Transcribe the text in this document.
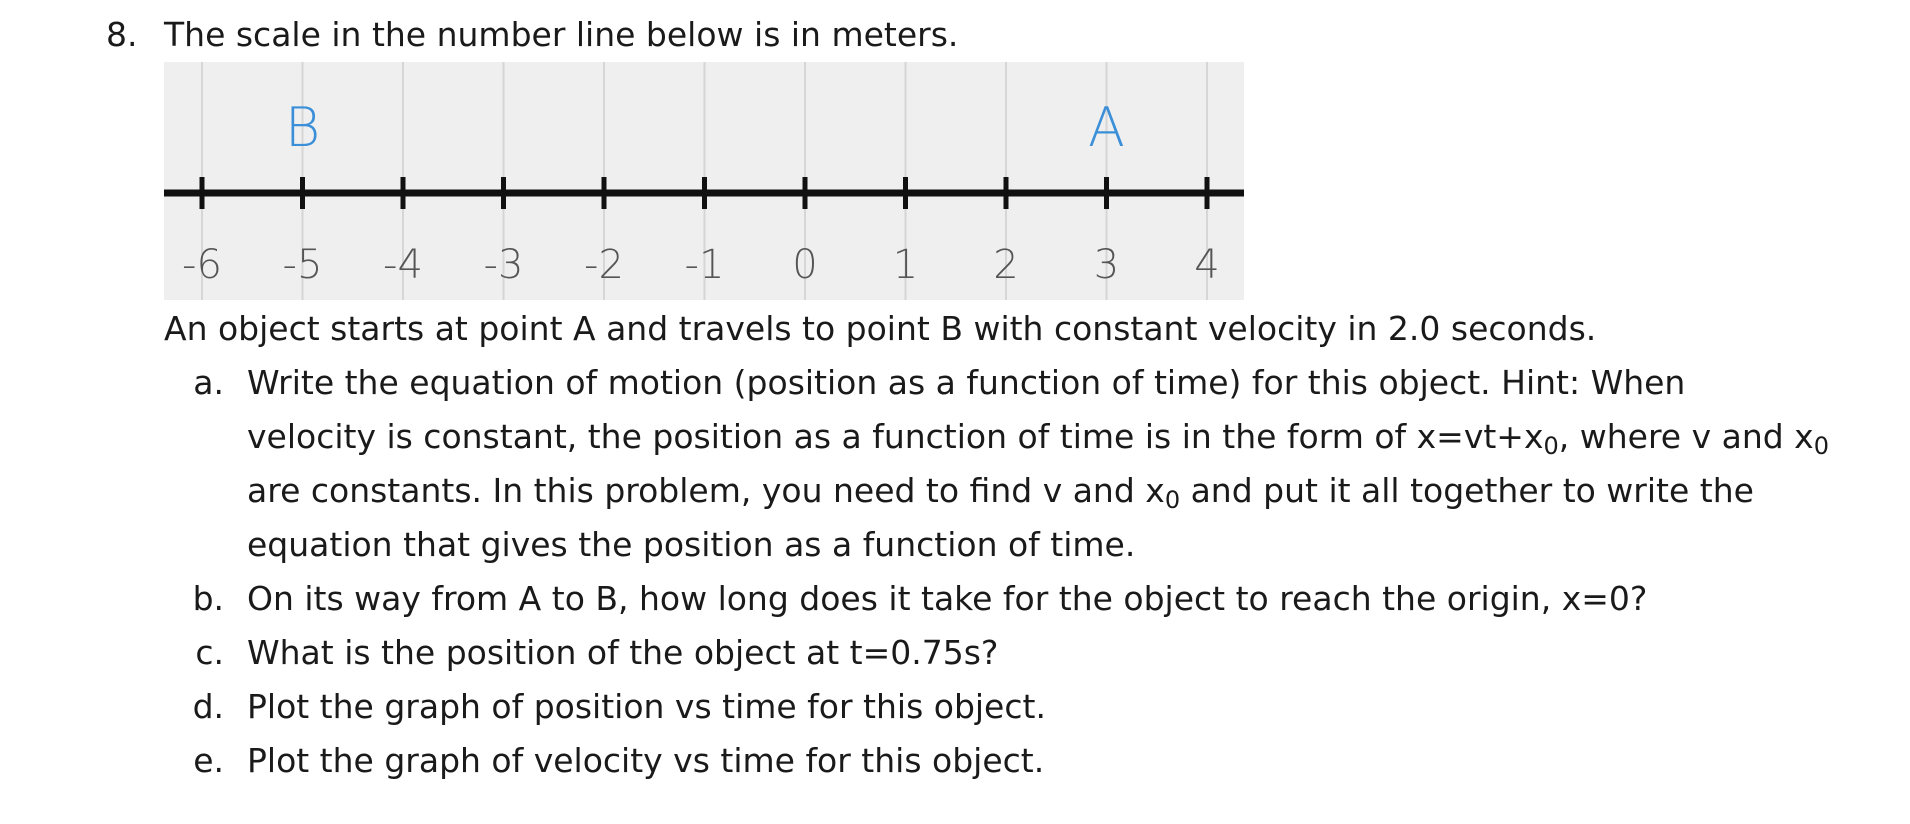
8. The scale in the number line below is in meters.
-6 -5 -4 -3 -2 -1 0 1 2 3 4
B	A
An object starts at point A and travels to point B with constant velocity in 2.0 seconds.
a. Write the equation of motion (position as a function of time) for this object. Hint: When
velocity is constant, the position as a function of time is in the form of $x=vt+x_0$, where v and $x_0$
are constants. In this problem, you need to find v and $x_0$ and put it all together to write the
equation that gives the position as a function of time.
b. On its way from A to B, how long does it take for the object to reach the origin, x=0?
c. What is the position of the object at t=0.75s?
d. Plot the graph of position vs time for this object.
e. Plot the graph of velocity vs time for this object.
